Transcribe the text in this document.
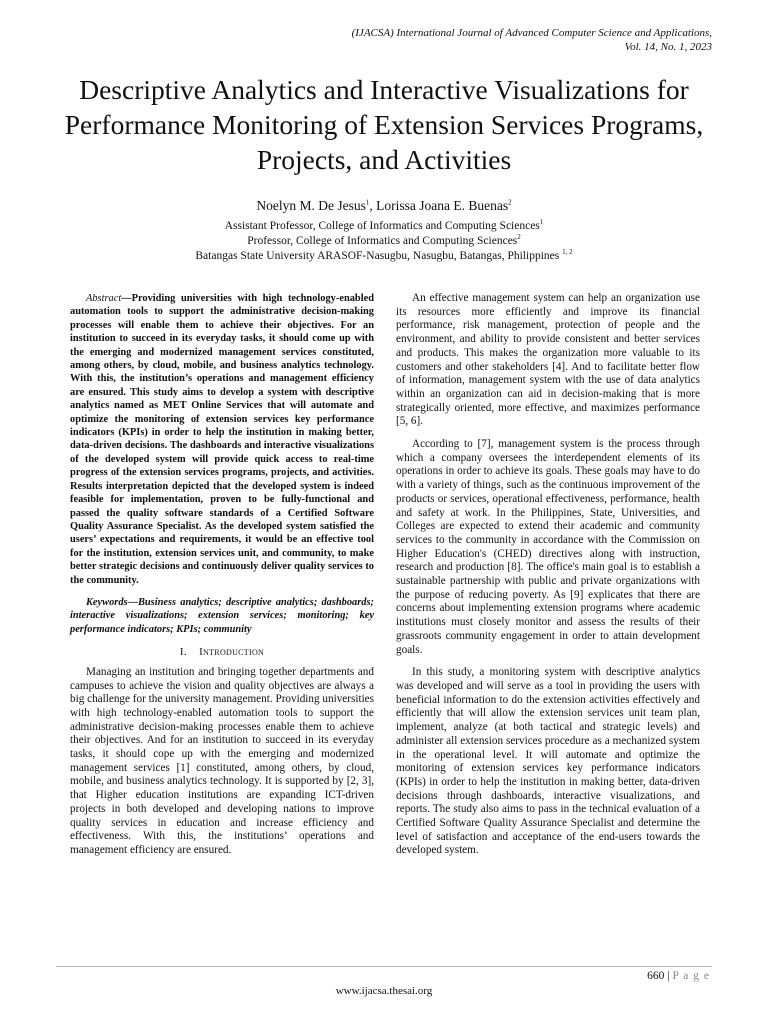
(IJACSA) International Journal of Advanced Computer Science and Applications,
Vol. 14, No. 1, 2023
Descriptive Analytics and Interactive Visualizations for Performance Monitoring of Extension Services Programs, Projects, and Activities
Noelyn M. De Jesus$^1$, Lorissa Joana E. Buenas$^2$
Assistant Professor, College of Informatics and Computing Sciences$^1$
Professor, College of Informatics and Computing Sciences$^2$
Batangas State University ARASOF-Nasugbu, Nasugbu, Batangas, Philippines $^{1, 2}$

Abstract—Providing universities with high technology-enabled automation tools to support the administrative decision-making processes will enable them to achieve their objectives. For an institution to succeed in its everyday tasks, it should come up with the emerging and modernized management services constituted, among others, by cloud, mobile, and business analytics technology. With this, the institution’s operations and management efficiency are ensured. This study aims to develop a system with descriptive analytics named as MET Online Services that will automate and optimize the monitoring of extension services key performance indicators (KPIs) in order to help the institution in making better, data-driven decisions. The dashboards and interactive visualizations of the developed system will provide quick access to real-time progress of the extension services programs, projects, and activities. Results interpretation depicted that the developed system is indeed feasible for implementation, proven to be fully-functional and passed the quality software standards of a Certified Software Quality Assurance Specialist. As the developed system satisfied the users’ expectations and requirements, it would be an effective tool for the institution, extension services unit, and community, to make better strategic decisions and continuously deliver quality services to the community.

Keywords—Business analytics; descriptive analytics; dashboards; interactive visualizations; extension services; monitoring; key performance indicators; KPIs; community

I. Introduction

Managing an institution and bringing together departments and campuses to achieve the vision and quality objectives are always a big challenge for the university management. Providing universities with high technology-enabled automation tools to support the administrative decision-making processes enable them to achieve their objectives. And for an institution to succeed in its everyday tasks, it should cope up with the emerging and modernized management services [1] constituted, among others, by cloud, mobile, and business analytics technology. It is supported by [2, 3], that Higher education institutions are expanding ICT-driven projects in both developed and developing nations to improve quality services in education and increase efficiency and effectiveness. With this, the institutions’ operations and management efficiency are ensured.

An effective management system can help an organization use its resources more efficiently and improve its financial performance, risk management, protection of people and the environment, and ability to provide consistent and better services and products. This makes the organization more valuable to its customers and other stakeholders [4]. And to facilitate better flow of information, management system with the use of data analytics within an organization can aid in decision-making that is more strategically oriented, more effective, and maximizes performance [5, 6].

According to [7], management system is the process through which a company oversees the interdependent elements of its operations in order to achieve its goals. These goals may have to do with a variety of things, such as the continuous improvement of the products or services, operational effectiveness, performance, health and safety at work. In the Philippines, State, Universities, and Colleges are expected to extend their academic and community services to the community in accordance with the Commission on Higher Education's (CHED) directives along with instruction, research and production [8]. The office's main goal is to establish a sustainable partnership with public and private organizations with the purpose of reducing poverty. As [9] explicates that there are concerns about implementing extension programs where academic institutions must closely monitor and assess the results of their grassroots community engagement in order to attain development goals.

In this study, a monitoring system with descriptive analytics was developed and will serve as a tool in providing the users with beneficial information to do the extension activities effectively and efficiently that will allow the extension services unit team plan, implement, analyze (at both tactical and strategic levels) and administer all extension services procedure as a mechanized system in the operational level. It will automate and optimize the monitoring of extension services key performance indicators (KPIs) in order to help the institution in making better, data-driven decisions through dashboards, interactive visualizations, and reports. The study also aims to pass in the technical evaluation of a Certified Software Quality Assurance Specialist and determine the level of satisfaction and acceptance of the end-users towards the developed system.

660 | P a g e
www.ijacsa.thesai.org
